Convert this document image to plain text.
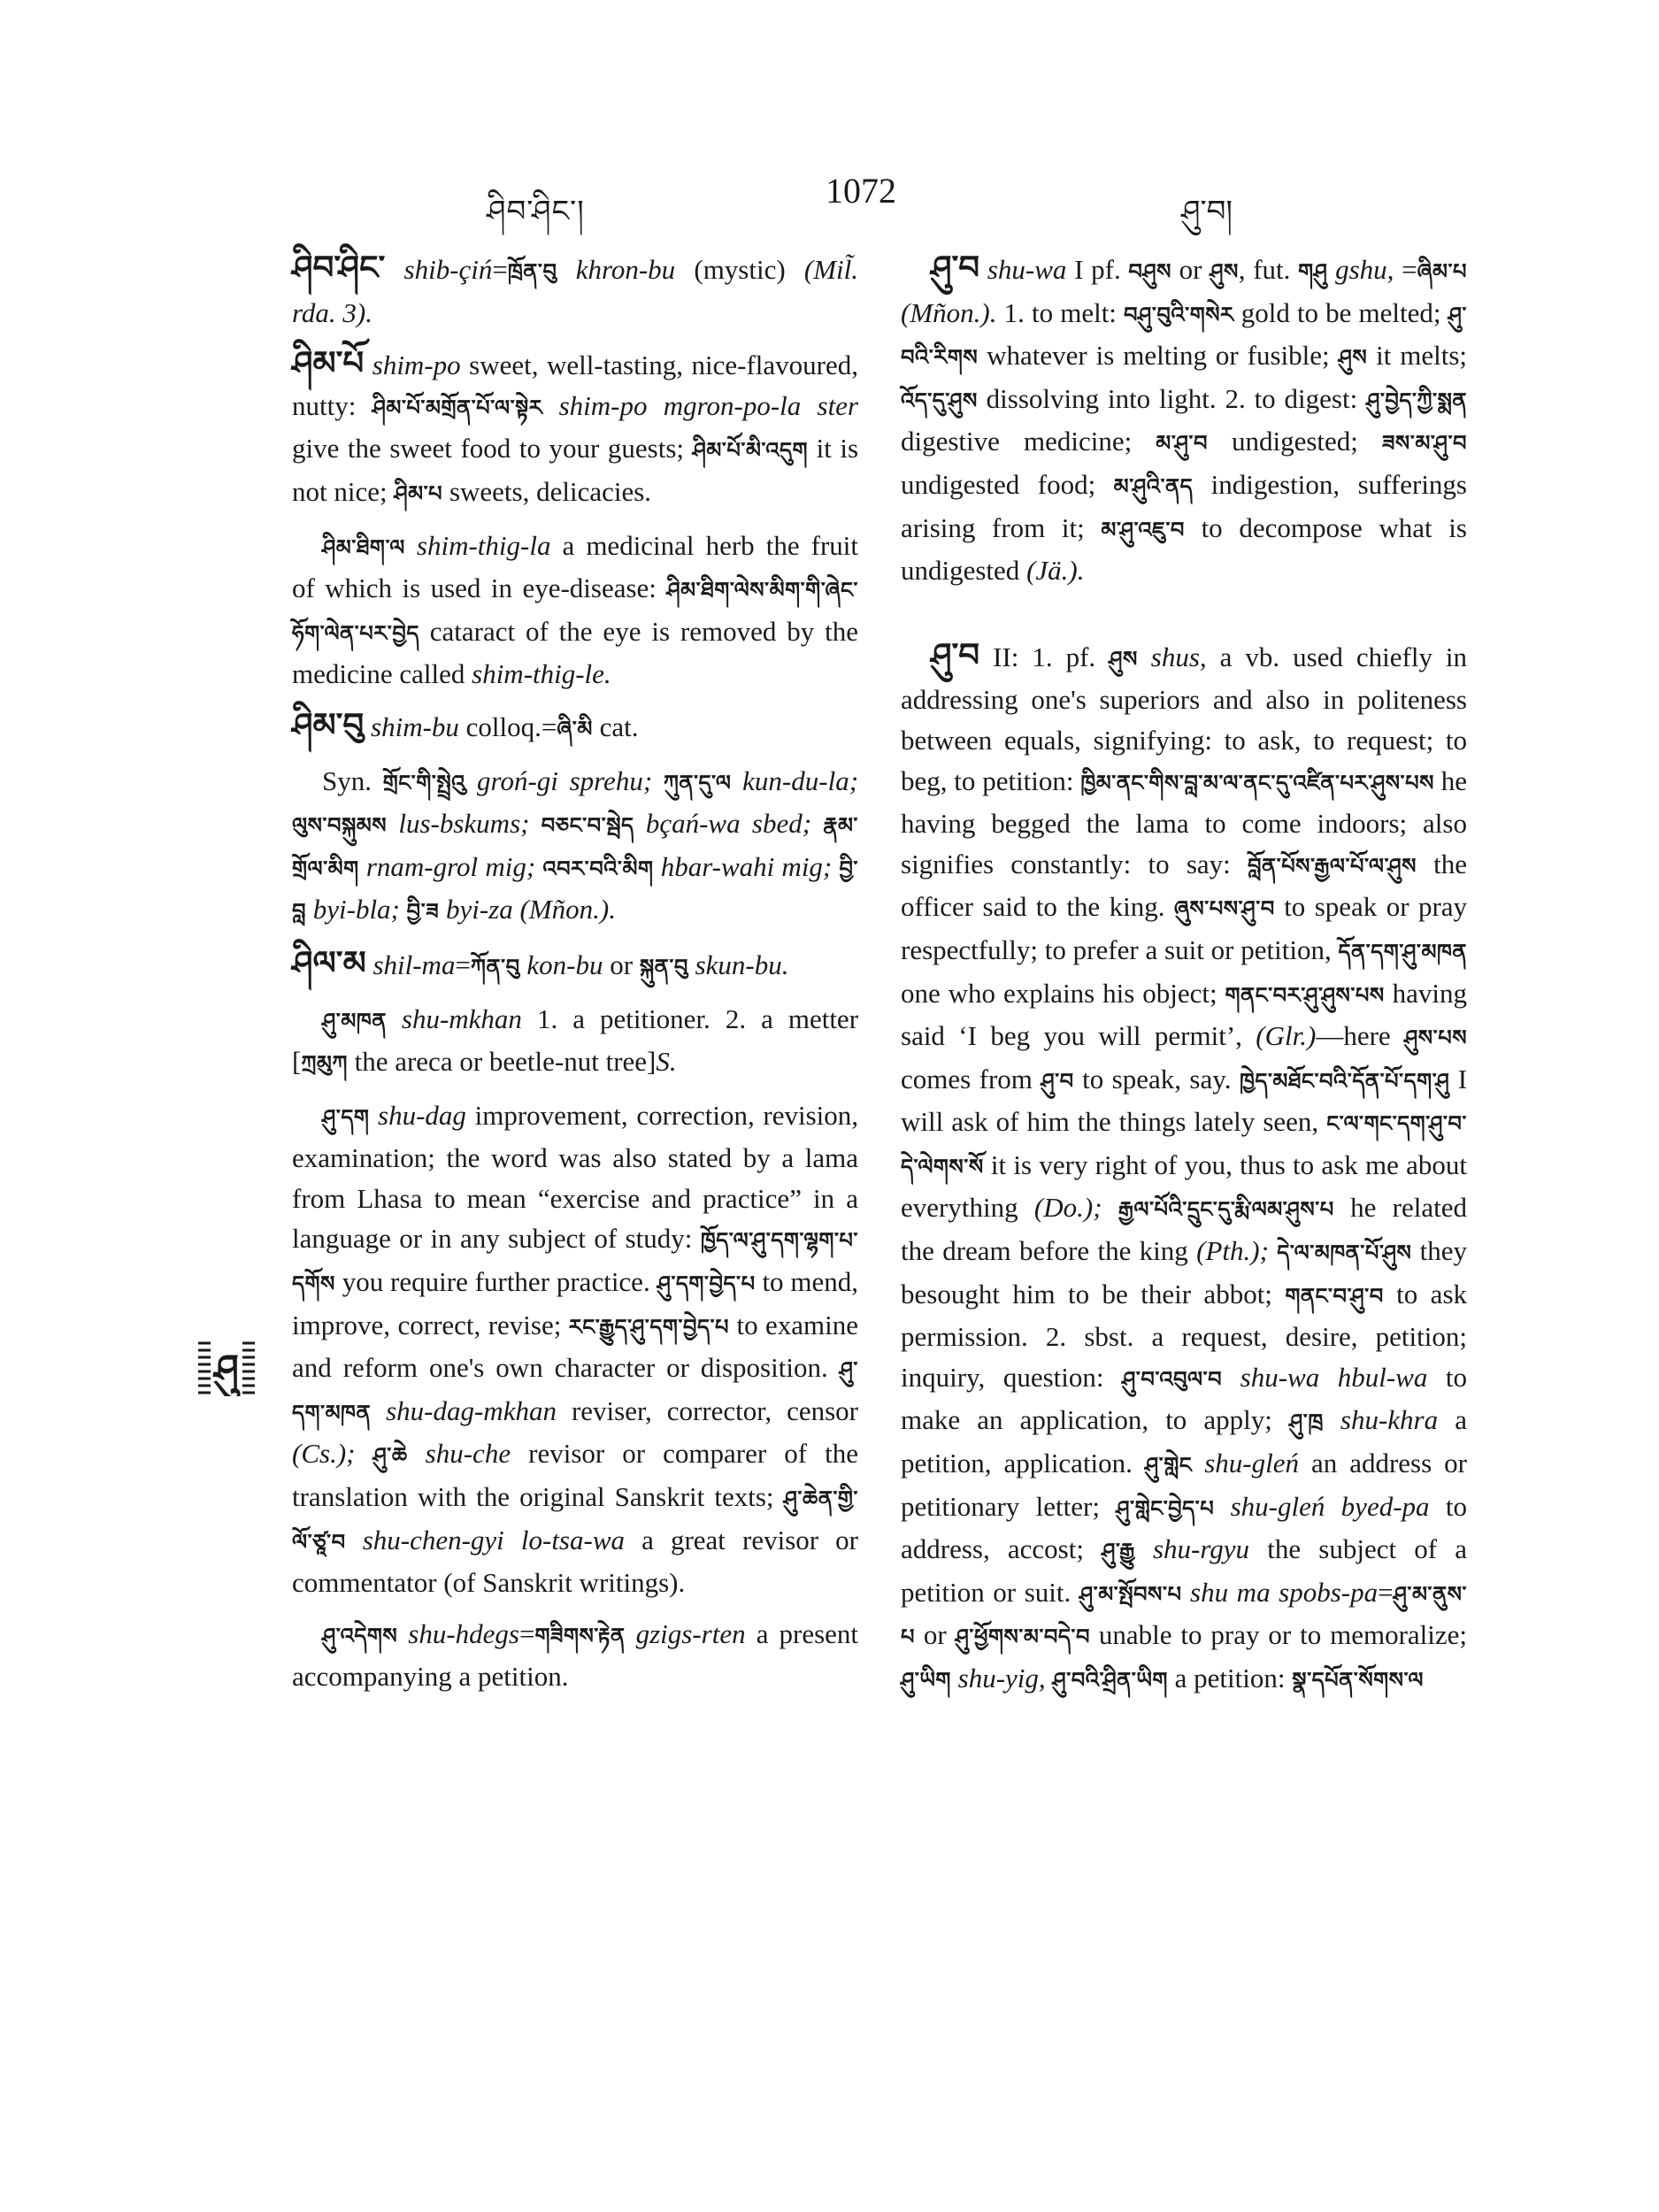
ཤིབ་ཤིང་།
1072
ཤུ་བ།
ཤུ

ཤིབ་ཤིང་ shib-çiń=ཁྲོན་བུ khron-bu (mystic) (Mil̃. rda. 3).

ཤིམ་པོ shim-po sweet, well-tasting, nice-flavoured, nutty: ཤིམ་པོ་མགྲོན་པོ་ལ་སྟེར shim-po mgron-po-la ster give the sweet food to your guests; ཤིམ་པོ་མི་འདུག it is not nice; ཤིམ་པ sweets, delicacies.

ཤིམ་ཐིག་ལ shim-thig-la a medicinal herb the fruit of which is used in eye-disease: ཤིམ་ཐིག་ལེས་མིག་གི་ཞེང་ཧོག་ལེན་པར་བྱེད cataract of the eye is removed by the medicine called shim-thig-le.

ཤིམ་བུ shim-bu colloq.=ཞི་མི cat.

Syn. གྲོང་གི་སྤྲེའུ groń-gi sprehu; ཀུན་དུ་ལ kun-du-la; ལུས་བསྐུམས lus-bskums; བཅང་བ་སྦེད bçań-wa sbed; རྣམ་གྲོལ་མིག rnam-grol mig; འབར་བའི་མིག hbar-wahi mig; བྱི་བླ byi-bla; བྱི་ཟ byi-za (Mñon.).

ཤིལ་མ shil-ma=ཀོན་བུ kon-bu or སྐུན་བུ skun-bu.

ཤུ་མཁན shu-mkhan 1. a petitioner. 2. a metter [ཀྲམུཀ the areca or beetle-nut tree]S.

ཤུ་དག shu-dag improvement, correction, revision, examination; the word was also stated by a lama from Lhasa to mean “exercise and practice” in a language or in any subject of study: ཁྱོད་ལ་ཤུ་དག་ལྷག་པ་དགོས you require further practice. ཤུ་དག་བྱེད་པ to mend, improve, correct, revise; རང་རྒྱུད་ཤུ་དག་བྱེད་པ to examine and reform one's own character or disposition. ཤུ་དག་མཁན shu-dag-mkhan reviser, corrector, censor (Cs.); ཤུ་ཆེ shu-che revisor or comparer of the translation with the original Sanskrit texts; ཤུ་ཆེན་གྱི་ལོ་ཙཱ་བ shu-chen-gyi lo-tsa-wa a great revisor or commentator (of Sanskrit writings).

ཤུ་འདེགས shu-hdegs=གཟིགས་རྟེན gzigs-rten a present accompanying a petition.

ཤུ་བ shu-wa I pf. བཤུས or ཤུས, fut. གཤུ gshu, =ཞིམ་པ (Mñon.). 1. to melt: བཤུ་བུའི་གསེར gold to be melted; ཤུ་བའི་རིགས whatever is melting or fusible; ཤུས it melts; འོད་དུ་ཤུས dissolving into light. 2. to digest: ཤུ་བྱེད་ཀྱི་སྨན digestive medicine; མ་ཤུ་བ undigested; ཟས་མ་ཤུ་བ undigested food; མ་ཤུའི་ནད indigestion, sufferings arising from it; མ་ཤུ་འཇུ་བ to decompose what is undigested (Jä.).

ཤུ་བ II: 1. pf. ཤུས shus, a vb. used chiefly in addressing one's superiors and also in politeness between equals, signifying: to ask, to request; to beg, to petition: ཁྱིམ་ནང་གིས་བླ་མ་ལ་ནང་དུ་འཛིན་པར་ཤུས་པས he having begged the lama to come indoors; also signifies constantly: to say: བློན་པོས་རྒྱལ་པོ་ལ་ཤུས the officer said to the king. ཞུས་པས་ཤུ་བ to speak or pray respectfully; to prefer a suit or petition, དོན་དག་ཤུ་མཁན one who explains his object; གནང་བར་ཤུ་ཤུས་པས having said ‘I beg you will permit’, (Glr.)—here ཤུས་པས comes from ཤུ་བ to speak, say. ཁྱེད་མཐོང་བའི་དོན་པོ་དག་ཤུ I will ask of him the things lately seen, ང་ལ་གང་དག་ཤུ་བ་དེ་ལེགས་སོ it is very right of you, thus to ask me about everything (Do.); རྒྱལ་པོའི་དྲུང་དུ་རྨི་ལམ་ཤུས་པ he related the dream before the king (Pth.); དེ་ལ་མཁན་པོ་ཤུས they besought him to be their abbot; གནང་བ་ཤུ་བ to ask permission. 2. sbst. a request, desire, petition; inquiry, question: ཤུ་བ་འབུལ་བ shu-wa hbul-wa to make an application, to apply; ཤུ་ཁྲ shu-khra a petition, application. ཤུ་གླེང shu-gleń an address or petitionary letter; ཤུ་གླེང་བྱེད་པ shu-gleń byed-pa to address, accost; ཤུ་རྒྱུ shu-rgyu the subject of a petition or suit. ཤུ་མ་སྤོབས་པ shu ma spobs-pa=ཤུ་མ་ནུས་པ or ཤུ་ཕྱོགས་མ་བདེ་བ unable to pray or to memoralize; ཤུ་ཡིག shu-yig, ཤུ་བའི་ཤྲིན་ཡིག a petition: སྣ་དཔོན་སོགས་ལ
